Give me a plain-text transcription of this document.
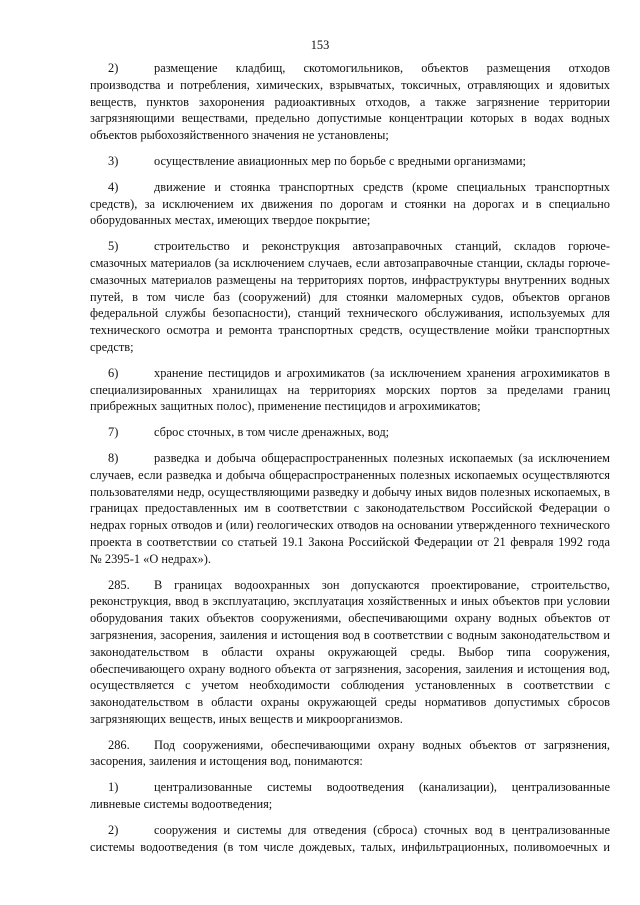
153
2)	размещение кладбищ, скотомогильников, объектов размещения отходов
производства и потребления, химических, взрывчатых, токсичных, отравляющих и ядовитых
веществ, пунктов захоронения радиоактивных отходов, а также загрязнение территории
загрязняющими веществами, предельно допустимые концентрации которых в водах водных
объектов рыбохозяйственного значения не установлены;
3)	осуществление авиационных мер по борьбе с вредными организмами;
4)	движение и стоянка транспортных средств (кроме специальных транспортных
средств), за исключением их движения по дорогам и стоянки на дорогах и в специально
оборудованных местах, имеющих твердое покрытие;
5)	строительство и реконструкция автозаправочных станций, складов горюче-
смазочных материалов (за исключением случаев, если автозаправочные станции, склады горюче-
смазочных материалов размещены на территориях портов, инфраструктуры внутренних водных
путей, в том числе баз (сооружений) для стоянки маломерных судов, объектов органов
федеральной службы безопасности), станций технического обслуживания, используемых для
технического осмотра и ремонта транспортных средств, осуществление мойки транспортных
средств;
6)	хранение пестицидов и агрохимикатов (за исключением хранения агрохимикатов в
специализированных хранилищах на территориях морских портов за пределами границ
прибрежных защитных полос), применение пестицидов и агрохимикатов;
7)	сброс сточных, в том числе дренажных, вод;
8)	разведка и добыча общераспространенных полезных ископаемых (за исключением
случаев, если разведка и добыча общераспространенных полезных ископаемых осуществляются
пользователями недр, осуществляющими разведку и добычу иных видов полезных ископаемых, в
границах предоставленных им в соответствии с законодательством Российской Федерации о
недрах горных отводов и (или) геологических отводов на основании утвержденного технического
проекта в соответствии со статьей 19.1 Закона Российской Федерации от 21 февраля 1992 года
№ 2395-1 «О недрах»).
285. В границах водоохранных зон допускаются проектирование, строительство,
реконструкция, ввод в эксплуатацию, эксплуатация хозяйственных и иных объектов при условии
оборудования таких объектов сооружениями, обеспечивающими охрану водных объектов от
загрязнения, засорения, заиления и истощения вод в соответствии с водным законодательством и
законодательством в области охраны окружающей среды. Выбор типа сооружения,
обеспечивающего охрану водного объекта от загрязнения, засорения, заиления и истощения вод,
осуществляется с учетом необходимости соблюдения установленных в соответствии с
законодательством в области охраны окружающей среды нормативов допустимых сбросов
загрязняющих веществ, иных веществ и микроорганизмов.
286. Под сооружениями, обеспечивающими охрану водных объектов от загрязнения,
засорения, заиления и истощения вод, понимаются:
1)	централизованные системы водоотведения (канализации), централизованные
ливневые системы водоотведения;
2)	сооружения и системы для отведения (сброса) сточных вод в централизованные
системы водоотведения (в том числе дождевых, талых, инфильтрационных, поливомоечных и
